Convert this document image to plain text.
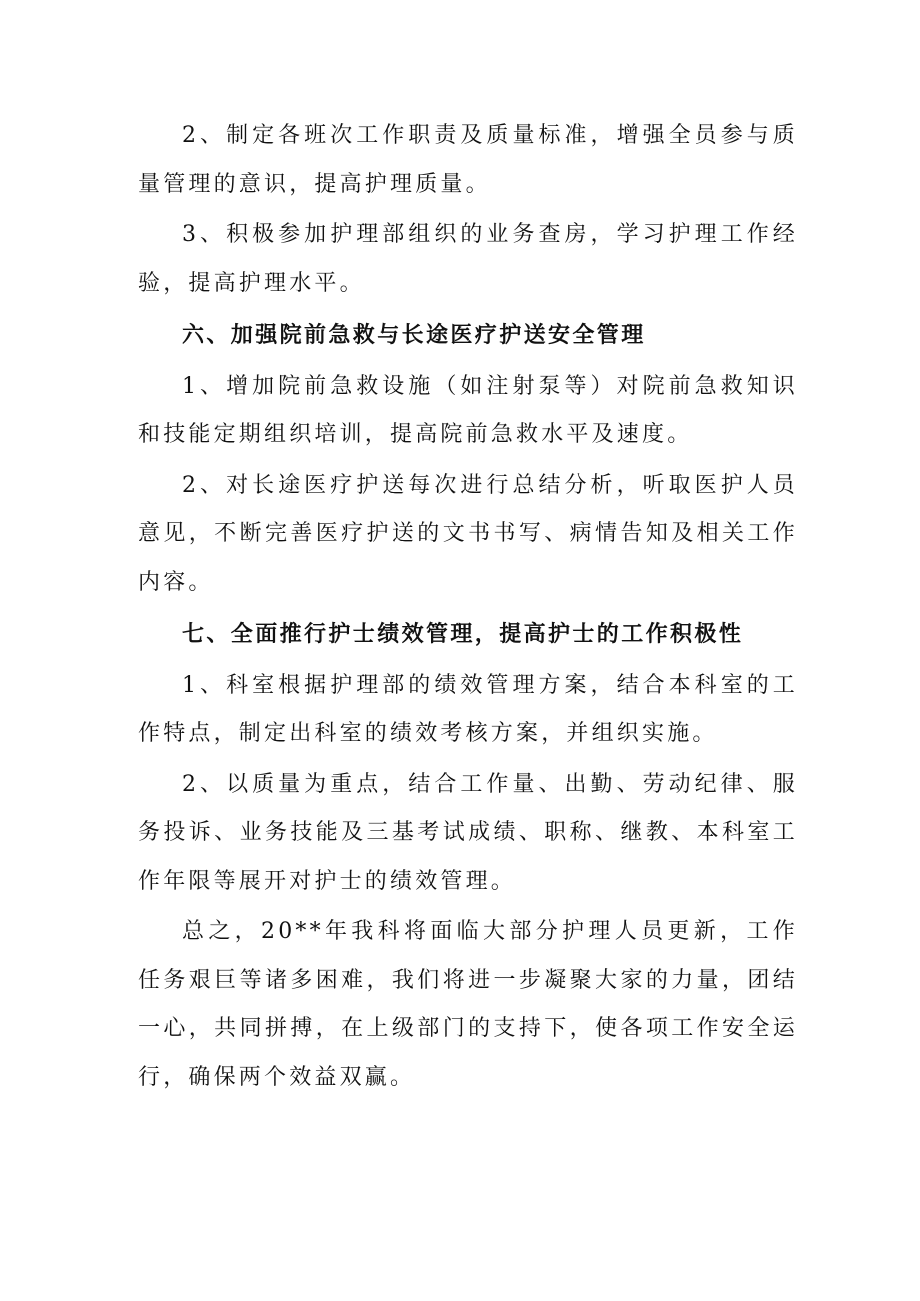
2、制定各班次工作职责及质量标准，增强全员参与质量管理的意识，提高护理质量。

3、积极参加护理部组织的业务查房，学习护理工作经验，提高护理水平。

六、加强院前急救与长途医疗护送安全管理

1、增加院前急救设施（如注射泵等）对院前急救知识和技能定期组织培训，提高院前急救水平及速度。

2、对长途医疗护送每次进行总结分析，听取医护人员意见，不断完善医疗护送的文书书写、病情告知及相关工作内容。

七、全面推行护士绩效管理，提高护士的工作积极性

1、科室根据护理部的绩效管理方案，结合本科室的工作特点，制定出科室的绩效考核方案，并组织实施。

2、以质量为重点，结合工作量、出勤、劳动纪律、服务投诉、业务技能及三基考试成绩、职称、继教、本科室工作年限等展开对护士的绩效管理。

总之，20**年我科将面临大部分护理人员更新，工作任务艰巨等诸多困难，我们将进一步凝聚大家的力量，团结一心，共同拼搏，在上级部门的支持下，使各项工作安全运行，确保两个效益双赢。
